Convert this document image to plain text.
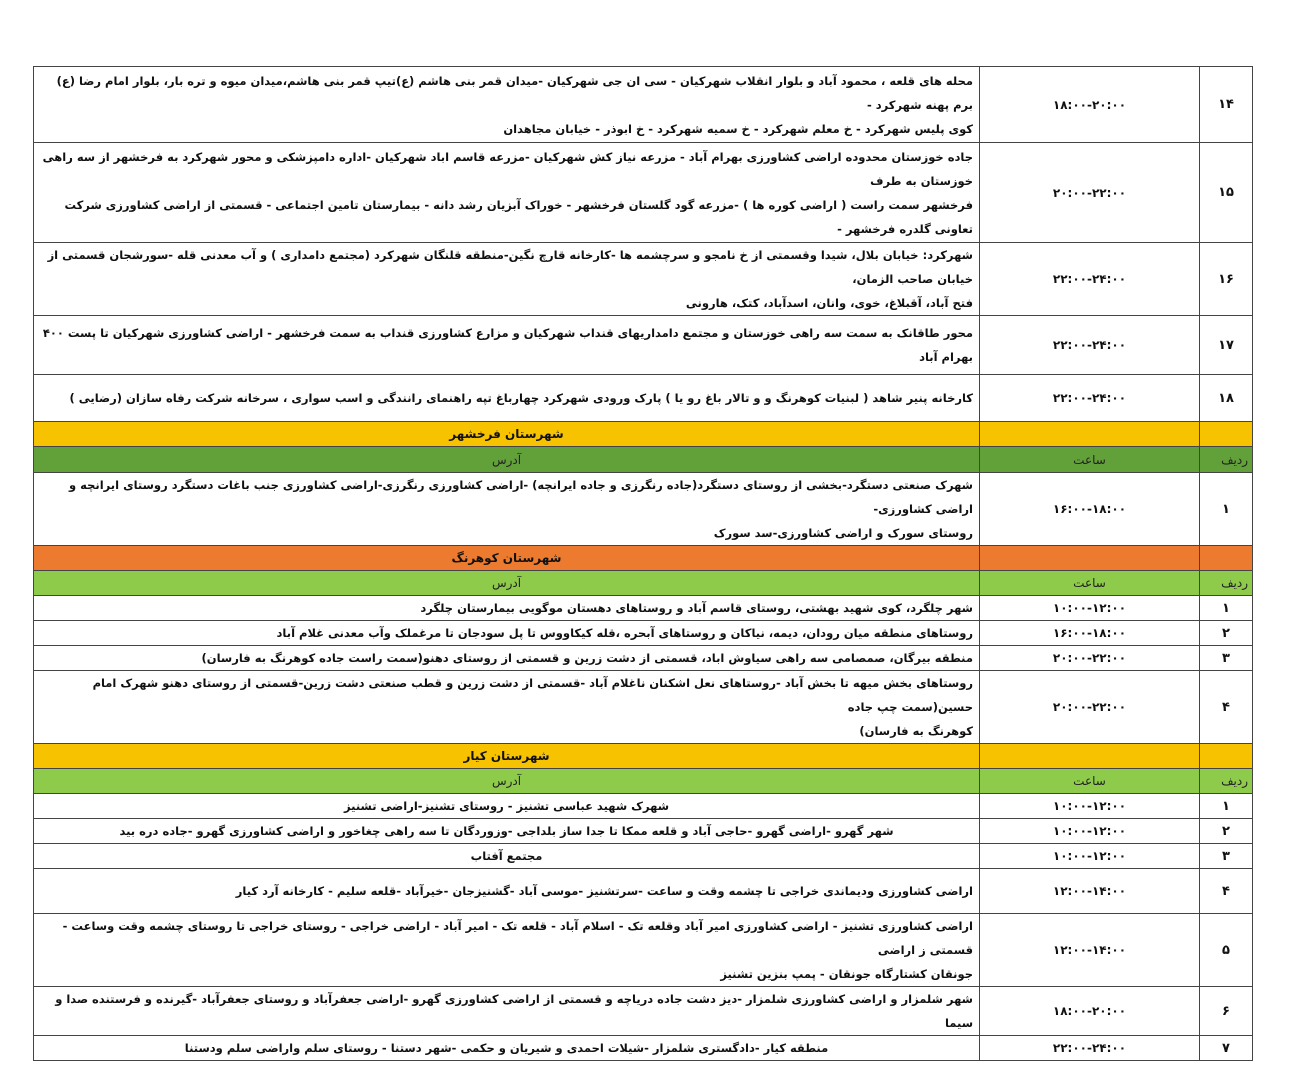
۱۴	۱۸:۰۰-۲۰:۰۰	محله های قلعه ، محمود آباد و بلوار انقلاب شهرکیان - سی ان جی شهرکیان -میدان قمر بنی هاشم (ع)تیپ قمر بنی هاشم،میدان میوه و تره بار، بلوار امام رضا (ع) برم پهنه شهرکرد -
کوی پلیس شهرکرد - خ معلم شهرکرد - خ سمیه شهرکرد - خ ابوذر - خیابان مجاهدان

۱۵	۲۰:۰۰-۲۲:۰۰	جاده خوزستان محدوده اراضی کشاورزی بهرام آباد - مزرعه نیاز کش شهرکیان -مزرعه قاسم اباد شهرکیان -اداره دامپزشکی و محور شهرکرد به فرخشهر از سه راهی خوزستان به طرف
فرخشهر سمت راست ( اراضی کوره ها ) -مزرعه گود گلستان فرخشهر - خوراک آبزیان رشد دانه - بیمارستان تامین اجتماعی - قسمتی از اراضی کشاورزی شرکت تعاونی گلدره فرخشهر -

۱۶	۲۲:۰۰-۲۴:۰۰	شهرکرد: خیابان بلال، شیدا وقسمتی از خ نامجو و سرچشمه ها -کارخانه قارچ نگین-منطقه قلنگان شهرکرد (مجتمع دامداری ) و آب معدنی قله -سورشجان قسمتی از خیابان صاحب الزمان،
فتح آباد، آقبلاغ، خوی، وانان، اسدآباد، کتک، هارونی

۱۷	۲۲:۰۰-۲۴:۰۰	محور طاقانک به سمت سه راهی خوزستان و مجتمع دامداریهای قنداب شهرکیان و مزارع کشاورزی قنداب به سمت فرخشهر - اراضی کشاورزی شهرکیان تا پست ۴۰۰ بهرام آباد

۱۸	۲۲:۰۰-۲۴:۰۰	کارخانه پنیر شاهد ( لبنیات کوهرنگ و و تالار باغ رو یا ) پارک ورودی شهرکرد چهارباغ تپه راهنمای رانندگی و اسب سواری ، سرخانه شرکت رفاه سازان (رضایی )

		شهرستان فرخشهر
ردیف	ساعت	آدرس
۱	۱۶:۰۰-۱۸:۰۰	شهرک صنعتی دستگرد-بخشی از روستای دستگرد(جاده رنگرزی و جاده ایرانچه) -اراضی کشاورزی رنگرزی-اراضی کشاورزی جنب باغات دستگرد روستای ایرانچه و اراضی کشاورزی-
روستای سورک و اراضی کشاورزی-سد سورک

		شهرستان کوهرنگ
ردیف	ساعت	آدرس
۱	۱۰:۰۰-۱۲:۰۰	شهر چلگرد، کوی شهید بهشتی، روستای قاسم آباد و روستاهای دهستان موگویی بیمارستان چلگرد

۲	۱۶:۰۰-۱۸:۰۰	روستاهای منطقه میان رودان، دیمه، نیاکان و روستاهای آبحره ،قله کیکاووس تا پل سودجان تا مرغملک وآب معدنی غلام آباد

۳	۲۰:۰۰-۲۲:۰۰	منطقه بیرگان، صمصامی سه راهی سیاوش اباد، قسمتی از دشت زرین و قسمتی از روستای دهنو(سمت راست جاده کوهرنگ به فارسان)

۴	۲۰:۰۰-۲۲:۰۰	روستاهای بخش میهه تا بخش آباد -روستاهای نعل اشکنان ناغلام آباد -قسمتی از دشت زرین و قطب صنعتی دشت زرین-قسمتی از روستای دهنو شهرک امام حسین(سمت چپ جاده
کوهرنگ به فارسان)

		شهرستان کیار
ردیف	ساعت	آدرس
۱	۱۰:۰۰-۱۲:۰۰	شهرک شهید عباسی تشنیز - روستای تشنیز-اراضی تشنیز

۲	۱۰:۰۰-۱۲:۰۰	شهر گهرو -اراضی گهرو -حاجی آباد و قلعه ممکا تا جدا ساز بلداجی -وزوردگان تا سه راهی چغاخور و اراضی کشاورزی گهرو -جاده دره بید

۳	۱۰:۰۰-۱۲:۰۰	مجتمع آفتاب

۴	۱۲:۰۰-۱۴:۰۰	اراضی کشاورزی ودیماندی خراجی تا چشمه وقت و ساعت -سرتشنیز -موسی آباد -گشنیزجان -خیرآباد -قلعه سلیم - کارخانه آرد کیار

۵	۱۲:۰۰-۱۴:۰۰	اراضی کشاورزی تشنیز - اراضی کشاورزی امیر آباد وقلعه تک - اسلام آباد - قلعه تک - امیر آباد - اراضی خراجی - روستای خراجی تا روستای چشمه وقت وساعت - قسمتی ز اراضی
جونقان کشتارگاه جونقان - پمپ بنزین تشنیز

۶	۱۸:۰۰-۲۰:۰۰	شهر شلمزار و اراضی کشاورزی شلمزار -دیز دشت جاده دریاچه و قسمتی از اراضی کشاورزی گهرو -اراضی جعفرآباد و روستای جعفرآباد -گیرنده و فرستنده صدا و سیما

۷	۲۲:۰۰-۲۴:۰۰	منطقه کیار -دادگستری شلمزار -شیلات احمدی و شیریان و حکمی -شهر دستنا - روستای سلم واراضی سلم ودستنا
